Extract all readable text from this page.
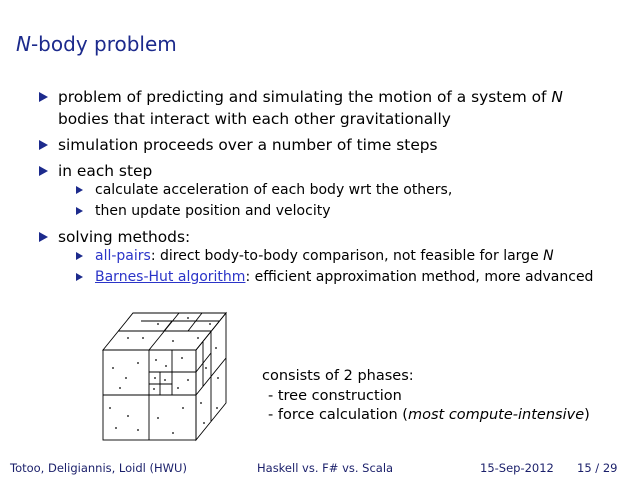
N-body problem
problem of predicting and simulating the motion of a system of N
bodies that interact with each other gravitationally
simulation proceeds over a number of time steps
in each step
calculate acceleration of each body wrt the others,
then update position and velocity
solving methods:
all-pairs: direct body-to-body comparison, not feasible for large N
Barnes-Hut algorithm: efficient approximation method, more advanced
consists of 2 phases:
- tree construction
- force calculation (most compute-intensive)
Totoo, Deligiannis, Loidl (HWU)	Haskell vs. F# vs. Scala	15-Sep-2012 15 / 29
